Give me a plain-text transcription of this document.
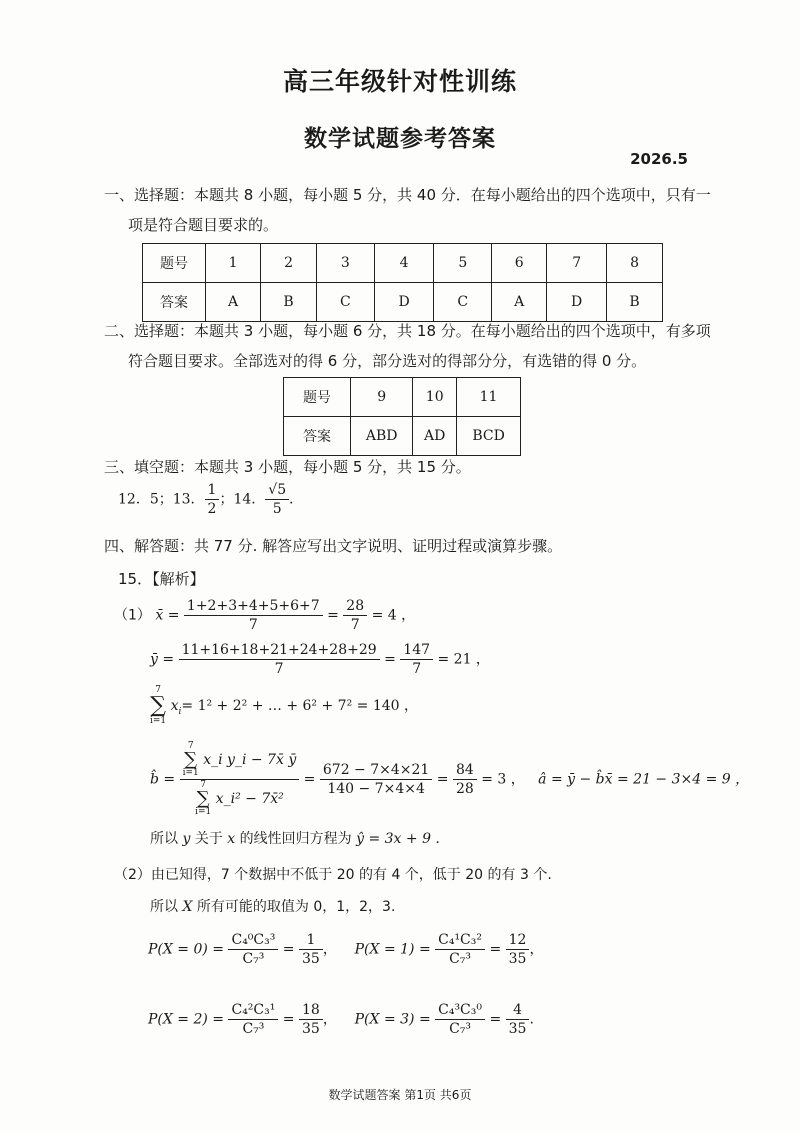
高三年级针对性训练
数学试题参考答案
2026.5
一、选择题：本题共 8 小题，每小题 5 分，共 40 分．在每小题给出的四个选项中，只有一
项是符合题目要求的。
题号	1	2	3	4	5	6	7	8
答案	A	B	C	D	C	A	D	B
二、选择题：本题共 3 小题，每小题 6 分，共 18 分。在每小题给出的四个选项中，有多项
符合题目要求。全部选对的得 6 分，部分选对的得部分分，有选错的得 0 分。
题号	9	10	11
答案	ABD	AD	BCD
三、填空题：本题共 3 小题，每小题 5 分，共 15 分。
12．5；13． $\frac{1}{2}$ ；14． $\frac{√5}{5}$ ．
四、解答题：共 77 分. 解答应写出文字说明、证明过程或演算步骤。
15．【解析】
（1） x̄ = $\frac{1+2+3+4+5+6+7}{7} = \frac{28}{7} = 4$ ，
ȳ = $\frac{11+16+18+21+24+28+29}{7} = \frac{147}{7} = 21$ ，
7
∑
i=1
$x_i= 1^2 + 2^2$ + … + 6² + 7² = 140 ，
b̂ = 7
∑
i=1
x_i y_i − 7x̄ ȳ
7
∑
i=1
x_i² − 7x̄² = $\frac{672 - 7\times 4\times 21}{140 - 7\times 4\times 4} = \frac{84}{28} = 3$ ， â = ȳ − b̂x̄ = 21 − 3×4 = 9 ，
所以 y 关于 x 的线性回归方程为 ŷ = 3x + 9 .
（2）由已知得，7 个数据中不低于 20 的有 4 个，低于 20 的有 3 个.
所以 X 所有可能的取值为 0，1，2，3.
$P(X = 0) = \frac{\text{C₄⁰C₃³}}{\text{C₇³}} = \frac{1}{35}$ ， $P(X = 1) = \frac{\text{C₄¹C₃²}}{\text{C₇³}} = \frac{12}{35}$ ，
$P(X = 2) = \frac{\text{C₄²C₃¹}}{\text{C₇³}} = \frac{18}{35}$ ， $P(X = 3) = \frac{\text{C₄³C₃⁰}}{\text{C₇³}} = \frac{4}{35}$ .
数学试题答案 第1页 共6页
